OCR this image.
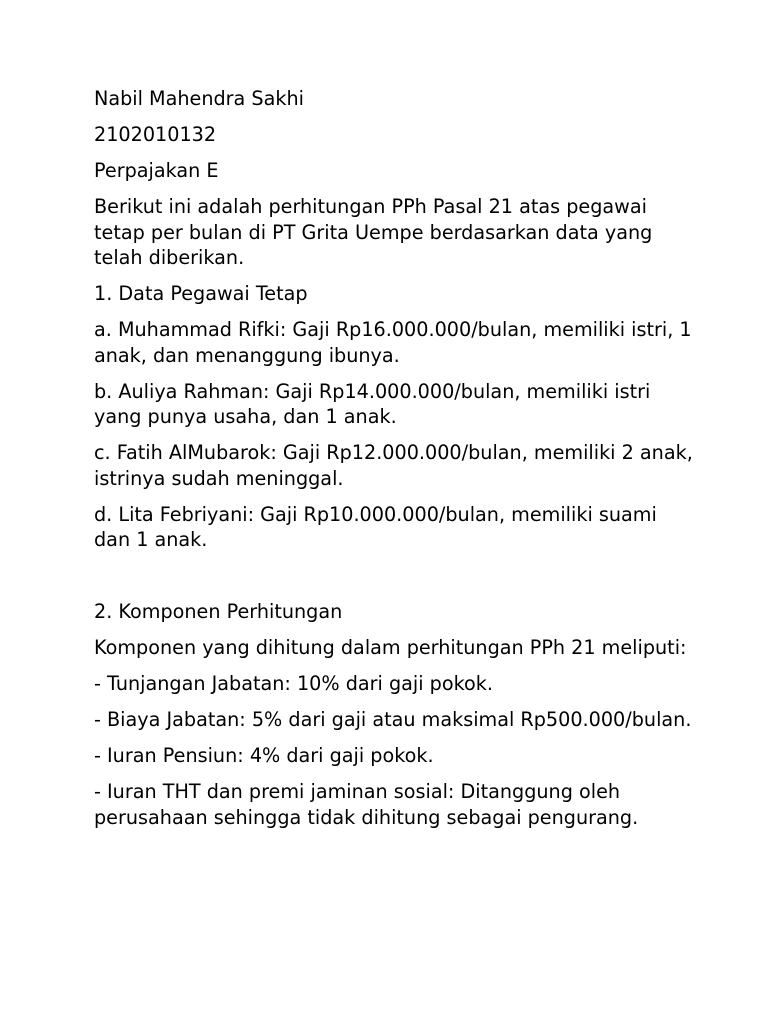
Nabil Mahendra Sakhi

2102010132

Perpajakan E

Berikut ini adalah perhitungan PPh Pasal 21 atas pegawai tetap per bulan di PT Grita Uempe berdasarkan data yang telah diberikan.

1. Data Pegawai Tetap

a. Muhammad Rifki: Gaji Rp16.000.000/bulan, memiliki istri, 1 anak, dan menanggung ibunya.

b. Auliya Rahman: Gaji Rp14.000.000/bulan, memiliki istri yang punya usaha, dan 1 anak.

c. Fatih AlMubarok: Gaji Rp12.000.000/bulan, memiliki 2 anak, istrinya sudah meninggal.

d. Lita Febriyani: Gaji Rp10.000.000/bulan, memiliki suami dan 1 anak.

2. Komponen Perhitungan

Komponen yang dihitung dalam perhitungan PPh 21 meliputi:

- Tunjangan Jabatan: 10% dari gaji pokok.

- Biaya Jabatan: 5% dari gaji atau maksimal Rp500.000/bulan.

- Iuran Pensiun: 4% dari gaji pokok.

- Iuran THT dan premi jaminan sosial: Ditanggung oleh perusahaan sehingga tidak dihitung sebagai pengurang.
